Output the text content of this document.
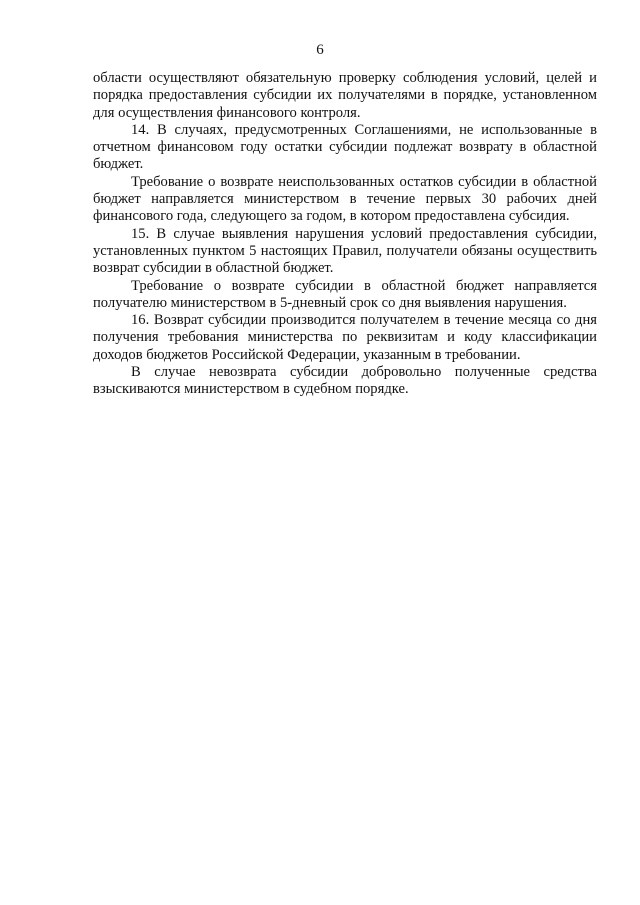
6

области осуществляют обязательную проверку соблюдения условий, целей и порядка предоставления субсидии их получателями в порядке, установленном для осуществления финансового контроля.

14. В случаях, предусмотренных Соглашениями, не использованные в отчетном финансовом году остатки субсидии подлежат возврату в областной бюджет.

Требование о возврате неиспользованных остатков субсидии в областной бюджет направляется министерством в течение первых 30 рабочих дней финансового года, следующего за годом, в котором предоставлена субсидия.

15. В случае выявления нарушения условий предоставления субсидии, установленных пунктом 5 настоящих Правил, получатели обязаны осуществить возврат субсидии в областной бюджет.

Требование о возврате субсидии в областной бюджет направляется получателю министерством в 5-дневный срок со дня выявления нарушения.

16. Возврат субсидии производится получателем в течение месяца со дня получения требования министерства по реквизитам и коду классификации доходов бюджетов Российской Федерации, указанным в требовании.

В случае невозврата субсидии добровольно полученные средства взыскиваются министерством в судебном порядке.
